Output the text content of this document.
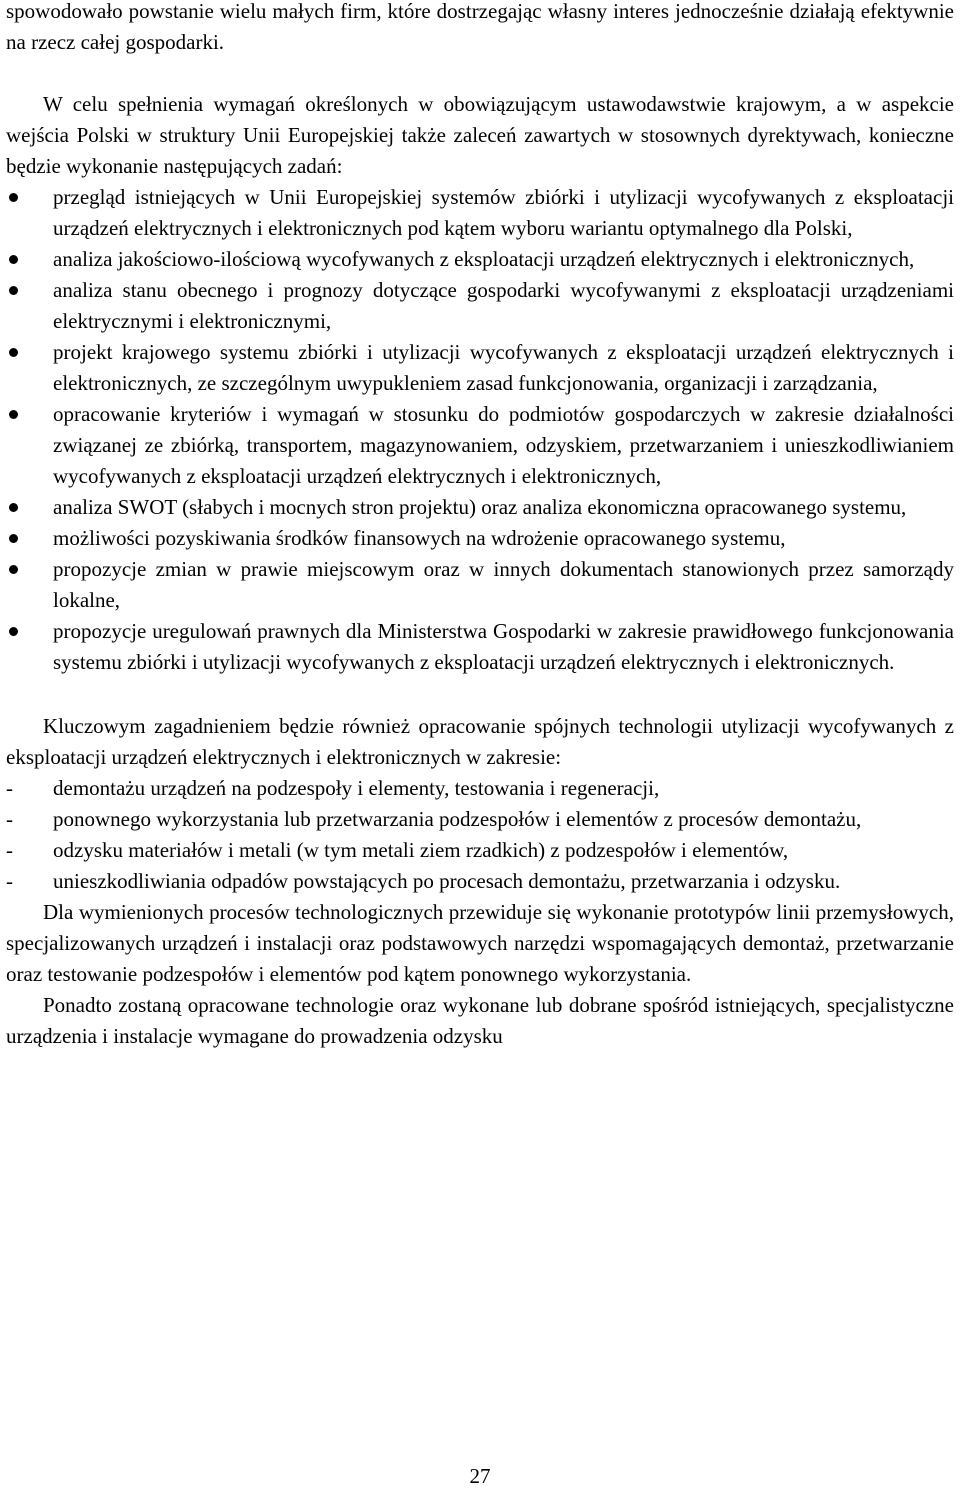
spowodowało powstanie wielu małych firm, które dostrzegając własny interes jednocześnie działają efektywnie na rzecz całej gospodarki.

W celu spełnienia wymagań określonych w obowiązującym ustawodawstwie krajowym, a w aspekcie wejścia Polski w struktury Unii Europejskiej także zaleceń zawartych w stosownych dyrektywach, konieczne będzie wykonanie następujących zadań:

przegląd istniejących w Unii Europejskiej systemów zbiórki i utylizacji wycofywanych z eksploatacji urządzeń elektrycznych i elektronicznych pod kątem wyboru wariantu optymalnego dla Polski,
analiza jakościowo-ilościową wycofywanych z eksploatacji urządzeń elektrycznych i elektronicznych,
analiza stanu obecnego i prognozy dotyczące gospodarki wycofywanymi z eksploatacji urządzeniami elektrycznymi i elektronicznymi,
projekt krajowego systemu zbiórki i utylizacji wycofywanych z eksploatacji urządzeń elektrycznych i elektronicznych, ze szczególnym uwypukleniem zasad funkcjonowania, organizacji i zarządzania,
opracowanie kryteriów i wymagań w stosunku do podmiotów gospodarczych w zakresie działalności związanej ze zbiórką, transportem, magazynowaniem, odzyskiem, przetwarzaniem i unieszkodliwianiem wycofywanych z eksploatacji urządzeń elektrycznych i elektronicznych,
analiza SWOT (słabych i mocnych stron projektu) oraz analiza ekonomiczna opracowanego systemu,
możliwości pozyskiwania środków finansowych na wdrożenie opracowanego systemu,
propozycje zmian w prawie miejscowym oraz w innych dokumentach stanowionych przez samorządy lokalne,
propozycje uregulowań prawnych dla Ministerstwa Gospodarki w zakresie prawidłowego funkcjonowania systemu zbiórki i utylizacji wycofywanych z eksploatacji urządzeń elektrycznych i elektronicznych.

Kluczowym zagadnieniem będzie również opracowanie spójnych technologii utylizacji wycofywanych z eksploatacji urządzeń elektrycznych i elektronicznych w zakresie:

- demontażu urządzeń na podzespoły i elementy, testowania i regeneracji,
- ponownego wykorzystania lub przetwarzania podzespołów i elementów z procesów demontażu,
- odzysku materiałów i metali (w tym metali ziem rzadkich) z podzespołów i elementów,
- unieszkodliwiania odpadów powstających po procesach demontażu, przetwarzania i odzysku.

Dla wymienionych procesów technologicznych przewiduje się wykonanie prototypów linii przemysłowych, specjalizowanych urządzeń i instalacji oraz podstawowych narzędzi wspomagających demontaż, przetwarzanie oraz testowanie podzespołów i elementów pod kątem ponownego wykorzystania.

Ponadto zostaną opracowane technologie oraz wykonane lub dobrane spośród istniejących, specjalistyczne urządzenia i instalacje wymagane do prowadzenia odzysku

27
